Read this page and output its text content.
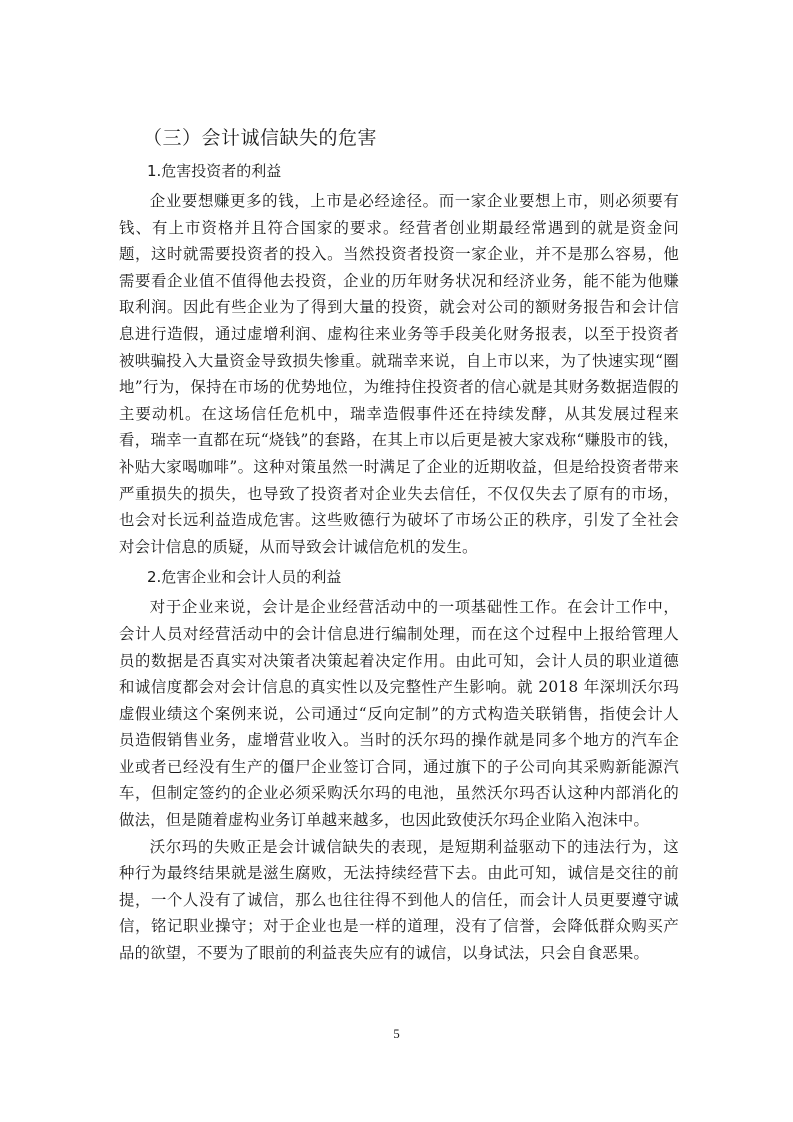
（三）会计诚信缺失的危害
1.危害投资者的利益

企业要想赚更多的钱，上市是必经途径。而一家企业要想上市，则必须要有钱、有上市资格并且符合国家的要求。经营者创业期最经常遇到的就是资金问题，这时就需要投资者的投入。当然投资者投资一家企业，并不是那么容易，他需要看企业值不值得他去投资，企业的历年财务状况和经济业务，能不能为他赚取利润。因此有些企业为了得到大量的投资，就会对公司的额财务报告和会计信息进行造假，通过虚增利润、虚构往来业务等手段美化财务报表，以至于投资者被哄骗投入大量资金导致损失惨重。就瑞幸来说，自上市以来，为了快速实现“圈地”行为，保持在市场的优势地位，为维持住投资者的信心就是其财务数据造假的主要动机。在这场信任危机中，瑞幸造假事件还在持续发酵，从其发展过程来看，瑞幸一直都在玩“烧钱”的套路，在其上市以后更是被大家戏称“赚股市的钱，补贴大家喝咖啡”。这种对策虽然一时满足了企业的近期收益，但是给投资者带来严重损失的损失，也导致了投资者对企业失去信任，不仅仅失去了原有的市场，也会对长远利益造成危害。这些败德行为破坏了市场公正的秩序，引发了全社会对会计信息的质疑，从而导致会计诚信危机的发生。

2.危害企业和会计人员的利益

对于企业来说，会计是企业经营活动中的一项基础性工作。在会计工作中，会计人员对经营活动中的会计信息进行编制处理，而在这个过程中上报给管理人员的数据是否真实对决策者决策起着决定作用。由此可知，会计人员的职业道德和诚信度都会对会计信息的真实性以及完整性产生影响。就 2018 年深圳沃尔玛虚假业绩这个案例来说，公司通过“反向定制”的方式构造关联销售，指使会计人员造假销售业务，虚增营业收入。当时的沃尔玛的操作就是同多个地方的汽车企业或者已经没有生产的僵尸企业签订合同，通过旗下的子公司向其采购新能源汽车，但制定签约的企业必须采购沃尔玛的电池，虽然沃尔玛否认这种内部消化的做法，但是随着虚构业务订单越来越多，也因此致使沃尔玛企业陷入泡沫中。

沃尔玛的失败正是会计诚信缺失的表现，是短期利益驱动下的违法行为，这种行为最终结果就是滋生腐败，无法持续经营下去。由此可知，诚信是交往的前提，一个人没有了诚信，那么也往往得不到他人的信任，而会计人员更要遵守诚信，铭记职业操守；对于企业也是一样的道理，没有了信誉，会降低群众购买产品的欲望，不要为了眼前的利益丧失应有的诚信，以身试法，只会自食恶果。

5
